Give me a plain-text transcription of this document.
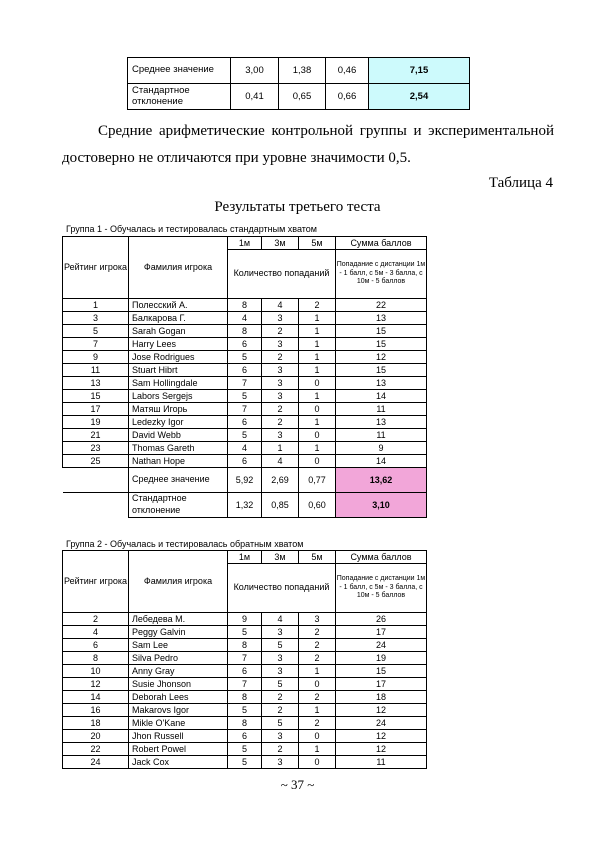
Среднее значение	3,00	1,38	0,46	7,15
Стандартное отклонение	0,41	0,65	0,66	2,54
Средние арифметические контрольной группы и экспериментальной
достоверно не отличаются при уровне значимости 0,5.
Таблица 4
Результаты третьего теста
Группа 1 - Обучалась и тестировалась стандартным хватом
Рейтинг игрока	Фамилия игрока	1м	3м	5м	Сумма баллов
		Количество попаданий			Попадание с дистанции 1м - 1 балл, с 5м - 3 балла, с 10м - 5 баллов
1	Полесский А.	8	4	2	22
3	Балкарова Г.	4	3	1	13
5	Sarah Gogan	8	2	1	15
7	Harry Lees	6	3	1	15
9	Jose Rodrigues	5	2	1	12
11	Stuart Hibrt	6	3	1	15
13	Sam Hollingdale	7	3	0	13
15	Labors Sergejs	5	3	1	14
17	Матяш Игорь	7	2	0	11
19	Ledezky Igor	6	2	1	13
21	David Webb	5	3	0	11
23	Thomas Gareth	4	1	1	9
25	Nathan Hope	6	4	0	14
	Среднее значение	5,92	2,69	0,77	13,62
	Стандартное отклонение	1,32	0,85	0,60	3,10
Группа 2 - Обучалась и тестировалась обратным хватом
Рейтинг игрока	Фамилия игрока	1м	3м	5м	Сумма баллов
		Количество попаданий			Попадание с дистанции 1м - 1 балл, с 5м - 3 балла, с 10м - 5 баллов
2	Лебедева М.	9	4	3	26
4	Peggy Galvin	5	3	2	17
6	Sam Lee	8	5	2	24
8	Silva Pedro	7	3	2	19
10	Anny Gray	6	3	1	15
12	Susie Jhonson	7	5	0	17
14	Deborah Lees	8	2	2	18
16	Makarovs Igor	5	2	1	12
18	Mikle O'Kane	8	5	2	24
20	Jhon Russell	6	3	0	12
22	Robert Powel	5	2	1	12
24	Jack Cox	5	3	0	11
~ 37 ~
